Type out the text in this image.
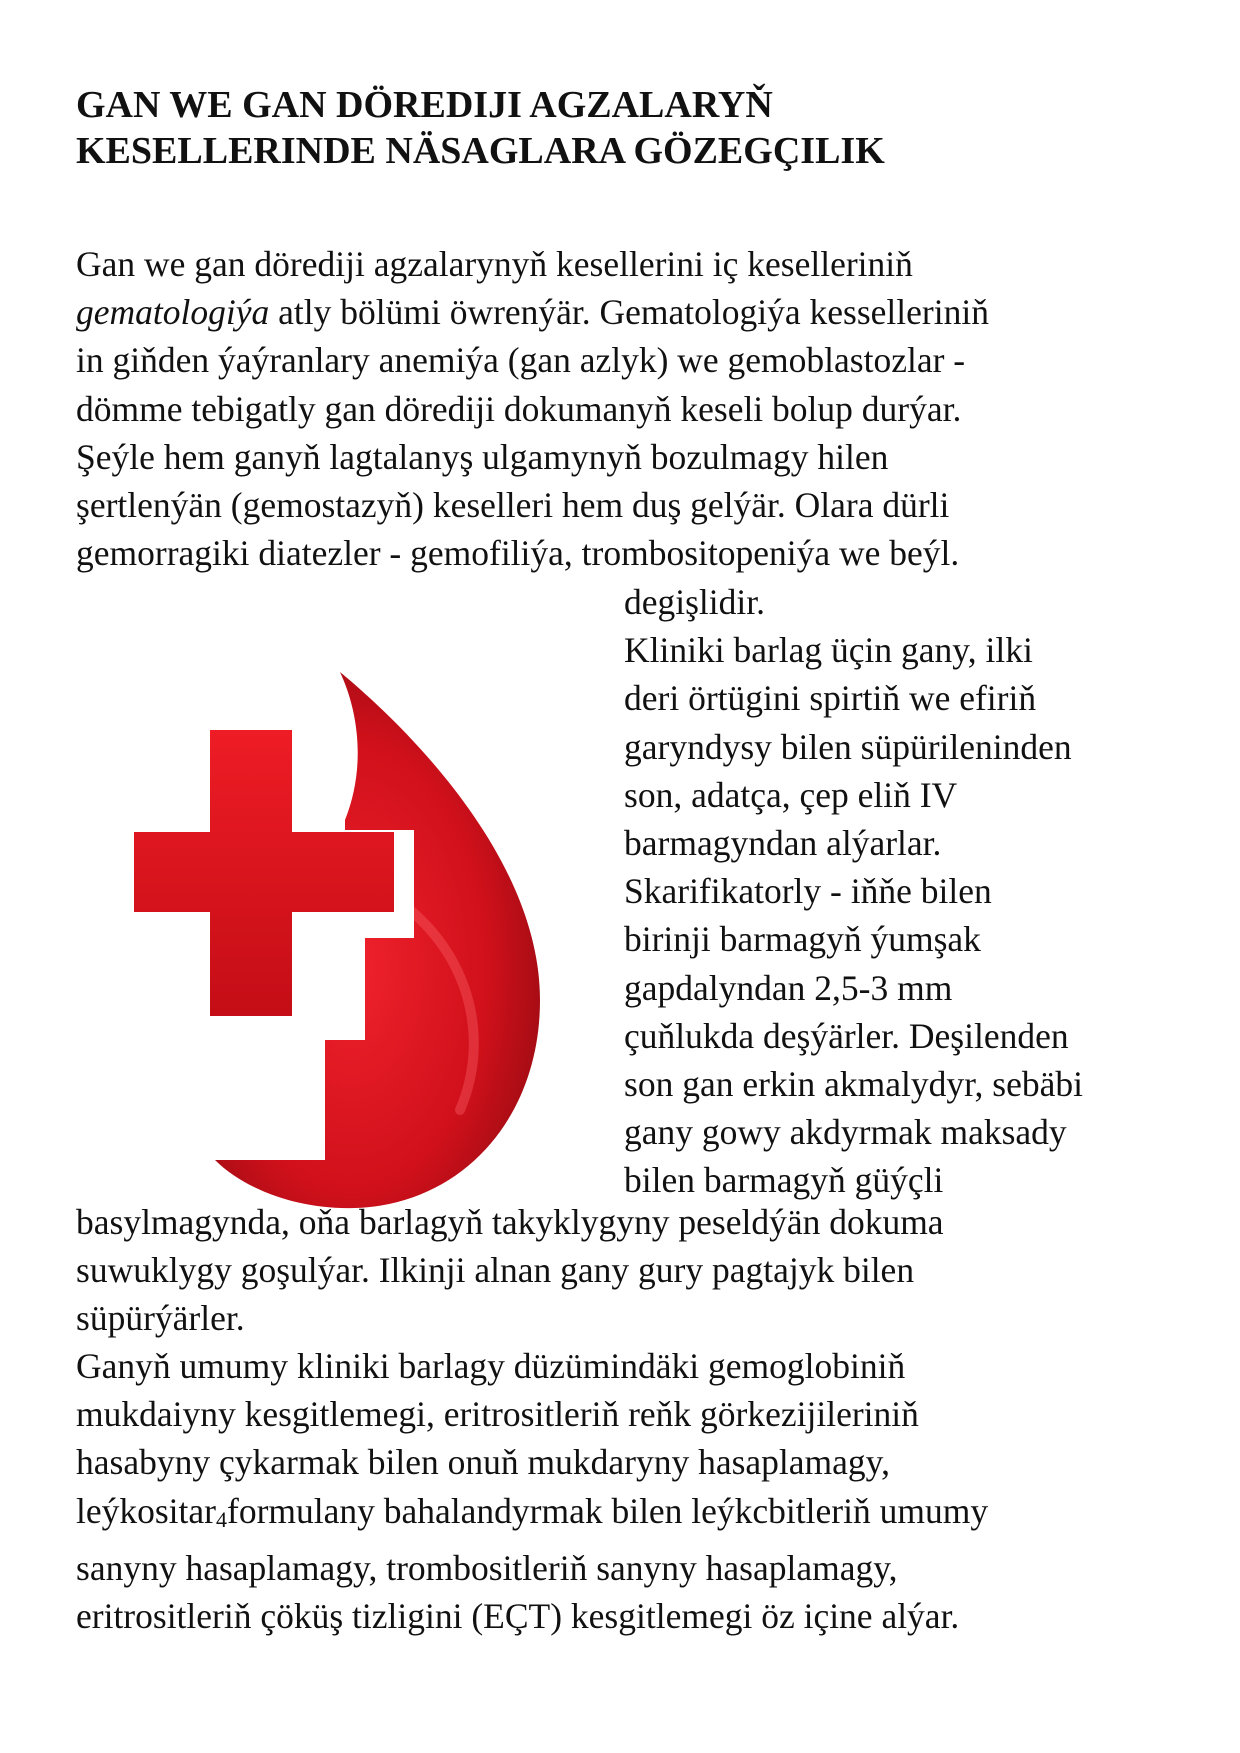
GAN WE GAN DÖREDIJI AGZALARYŇ
KESELLERINDE NÄSAGLARA GÖZEGÇILIK
Gan we gan dörediji agzalarynyň kesellerini iç keselleriniň
gematologiýa atly bölümi öwrenýär. Gematologiýa kesselleriniň
in giňden ýaýranlary anemiýa (gan azlyk) we gemoblastozlar -
dömme tebigatly gan dörediji dokumanyň keseli bolup durýar.
Şeýle hem ganyň lagtalanyş ulgamynyň bozulmagy hilen
şertlenýän (gemostazyň) keselleri hem duş gelýär. Olara dürli
gemorragiki diatezler - gemofiliýa, trombositopeniýa we beýl.
degişlidir.
Kliniki barlag üçin gany, ilki
deri örtügini spirtiň we efiriň
garyndysy bilen süpürileninden
son, adatça, çep eliň IV
barmagyndan alýarlar.
Skarifikatorly - iňňe bilen
birinji barmagyň ýumşak
gapdalyndan 2,5-3 mm
çuňlukda deşýärler. Deşilenden
son gan erkin akmalydyr, sebäbi
gany gowy akdyrmak maksady
bilen barmagyň güýçli
basylmagynda, oňa barlagyň takyklygyny peseldýän dokuma
suwuklygy goşulýar. Ilkinji alnan gany gury pagtajyk bilen
süpürýärler.
Ganyň umumy kliniki barlagy düzümindäki gemoglobiniň
mukdaiyny kesgitlemegi, eritrositleriň reňk görkezijileriniň
hasabyny çykarmak bilen onuň mukdaryny hasaplamagy,
leýkositar4formulany bahalandyrmak bilen leýkcbitleriň umumy
sanyny hasaplamagy, trombositleriň sanyny hasaplamagy,
eritrositleriň çöküş tizligini (EÇT) kesgitlemegi öz içine alýar.
